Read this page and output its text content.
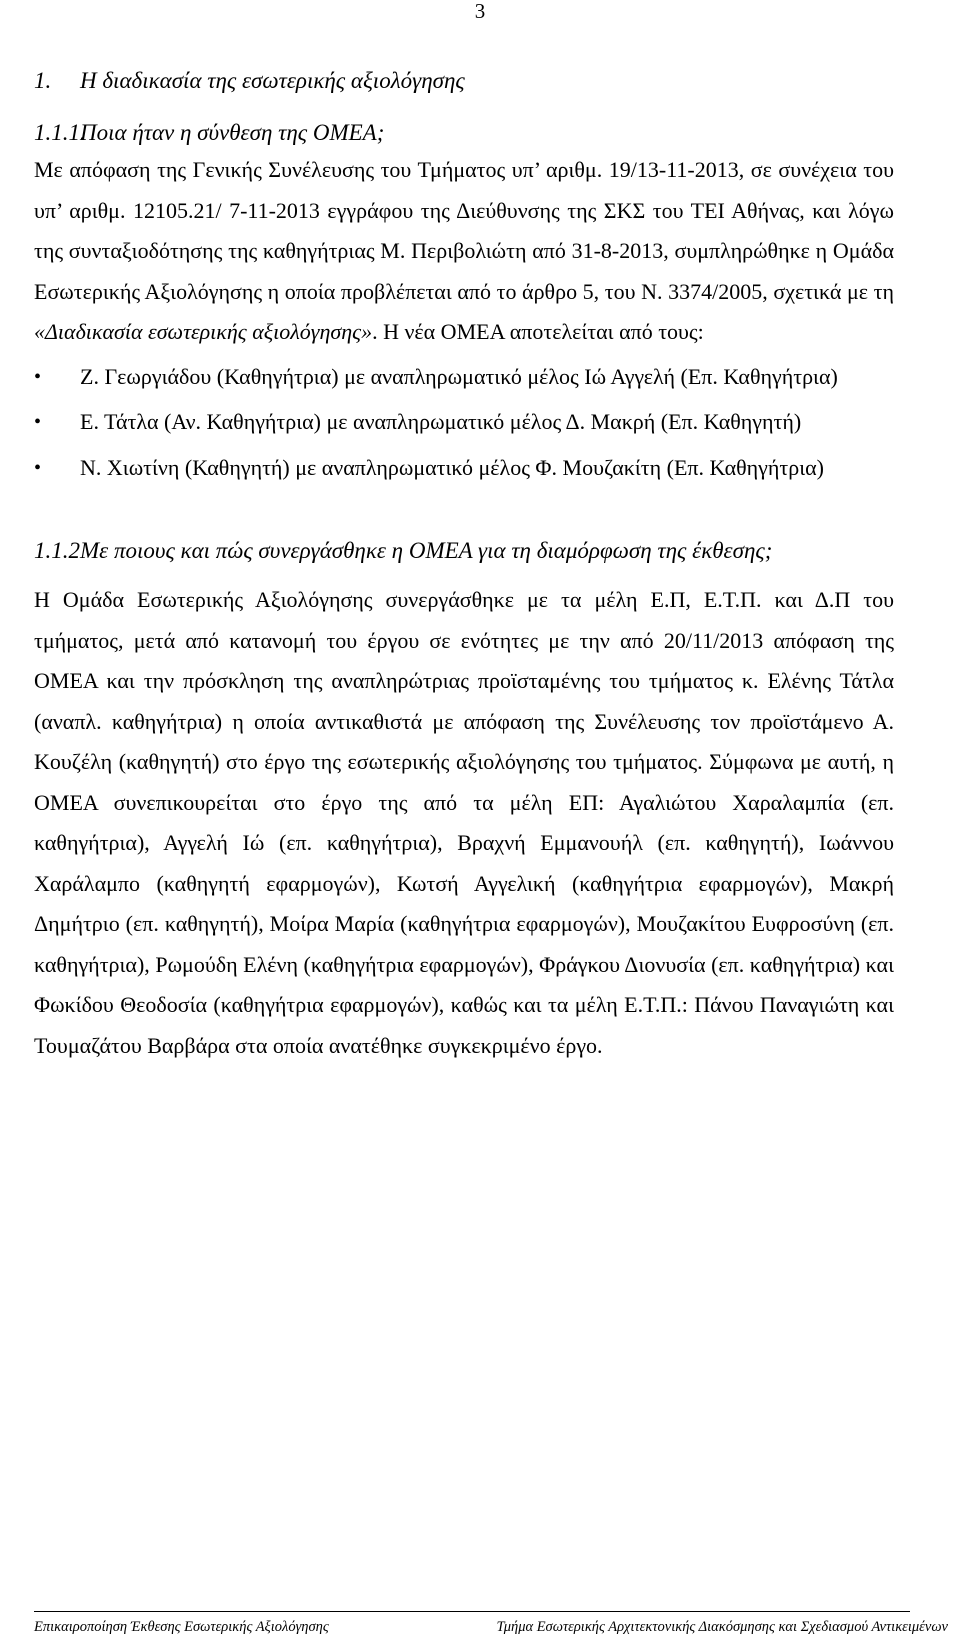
3
1.	Η διαδικασία της εσωτερικής αξιολόγησης
1.1.1.
Ποια ήταν η σύνθεση της ΟΜΕΑ;

Με απόφαση της Γενικής Συνέλευσης του Τμήματος υπ’ αριθμ. 19/13-11-2013, σε συνέχεια του υπ’ αριθμ. 12105.21/ 7-11-2013 εγγράφου της Διεύθυνσης της ΣΚΣ του ΤΕΙ Αθήνας, και λόγω της συνταξιοδότησης της καθηγήτριας Μ. Περιβολιώτη από 31-8-2013, συμπληρώθηκε η Ομάδα Εσωτερικής Αξιολόγησης η οποία προβλέπεται από το άρθρο 5, του Ν. 3374/2005, σχετικά με τη «Διαδικασία εσωτερικής αξιολόγησης». Η νέα ΟΜΕΑ αποτελείται από τους:

• Ζ. Γεωργιάδου (Καθηγήτρια) με αναπληρωματικό μέλος Ιώ Αγγελή (Επ. Καθηγήτρια)
• Ε. Τάτλα (Αν. Καθηγήτρια) με αναπληρωματικό μέλος Δ. Μακρή (Επ. Καθηγητή)
• Ν. Χιωτίνη (Καθηγητή) με αναπληρωματικό μέλος Φ. Μουζακίτη (Επ. Καθηγήτρια)
1.1.2 Με ποιους και πώς συνεργάσθηκε η ΟΜΕΑ για τη διαμόρφωση της έκθεσης;

Η Ομάδα Εσωτερικής Αξιολόγησης συνεργάσθηκε με τα μέλη Ε.Π, Ε.Τ.Π. και Δ.Π του τμήματος, μετά από κατανομή του έργου σε ενότητες με την από 20/11/2013 απόφαση της ΟΜΕΑ και την πρόσκληση της αναπληρώτριας προϊσταμένης του τμήματος κ. Ελένης Τάτλα (αναπλ. καθηγήτρια) η οποία αντικαθιστά με απόφαση της Συνέλευσης τον προϊστάμενο Α. Κουζέλη (καθηγητή) στο έργο της εσωτερικής αξιολόγησης του τμήματος. Σύμφωνα με αυτή, η ΟΜΕΑ συνεπικουρείται στο έργο της από τα μέλη ΕΠ: Αγαλιώτου Χαραλαμπία (επ. καθηγήτρια), Αγγελή Ιώ (επ. καθηγήτρια), Βραχνή Εμμανουήλ (επ. καθηγητή), Ιωάννου Χαράλαμπο (καθηγητή εφαρμογών), Κωτσή Αγγελική (καθηγήτρια εφαρμογών), Μακρή Δημήτριο (επ. καθηγητή), Μοίρα Μαρία (καθηγήτρια εφαρμογών), Μουζακίτου Ευφροσύνη (επ. καθηγήτρια), Ρωμούδη Ελένη (καθηγήτρια εφαρμογών), Φράγκου Διονυσία (επ. καθηγήτρια) και Φωκίδου Θεοδοσία (καθηγήτρια εφαρμογών), καθώς και τα μέλη Ε.Τ.Π.: Πάνου Παναγιώτη και Τουμαζάτου Βαρβάρα στα οποία ανατέθηκε συγκεκριμένο έργο.

Επικαιροποίηση Έκθεσης Εσωτερικής Αξιολόγησης	Τμήμα Εσωτερικής Αρχιτεκτονικής Διακόσμησης και Σχεδιασμού Αντικειμένων
